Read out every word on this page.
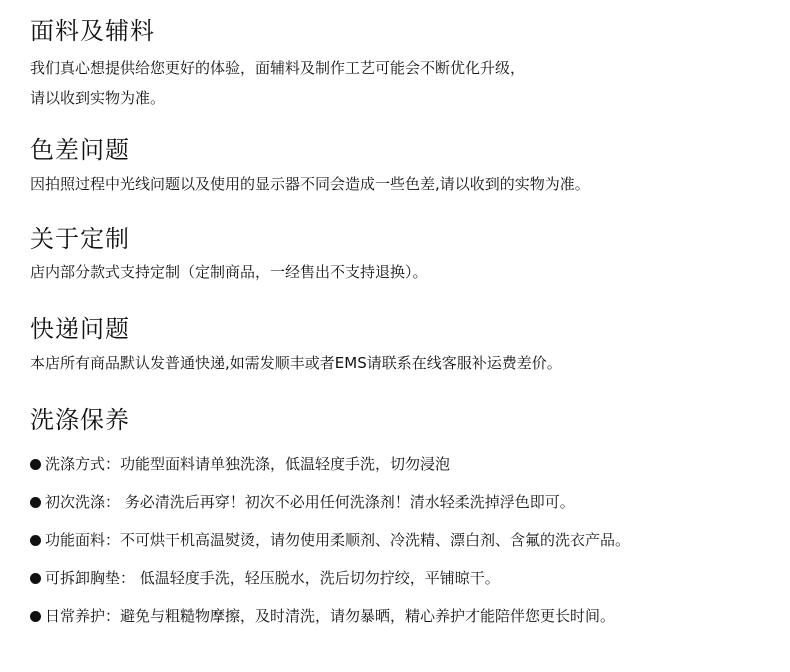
面料及辅料

我们真心想提供给您更好的体验，面辅料及制作工艺可能会不断优化升级，

请以收到实物为准。

色差问题

因拍照过程中光线问题以及使用的显示器不同会造成一些色差,请以收到的实物为准。

关于定制

店内部分款式支持定制（定制商品，一经售出不支持退换）。

快递问题

本店所有商品默认发普通快递,如需发顺丰或者EMS请联系在线客服补运费差价。

洗涤保养
洗涤方式：功能型面料请单独洗涤，低温轻度手洗，切勿浸泡
初次洗涤： 务必清洗后再穿！初次不必用任何洗涤剂！清水轻柔洗掉浮色即可。
功能面料：不可烘干机高温熨烫，请勿使用柔顺剂、冷洗精、漂白剂、含氟的洗衣产品。
可拆卸胸垫： 低温轻度手洗，轻压脱水，洗后切勿拧绞，平铺晾干。
日常养护：避免与粗糙物摩擦，及时清洗，请勿暴晒，精心养护才能陪伴您更长时间。
